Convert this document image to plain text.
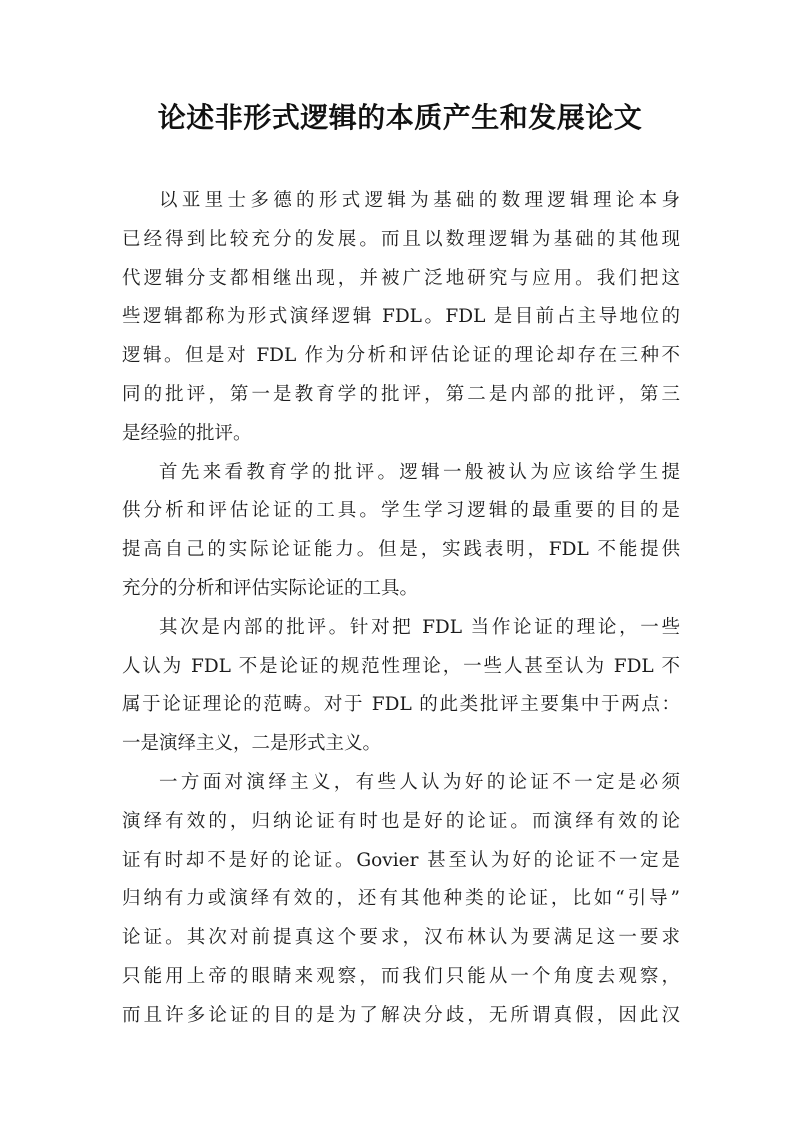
论述非形式逻辑的本质产生和发展论文
以亚里士多德的形式逻辑为基础的数理逻辑理论本身
已经得到比较充分的发展。而且以数理逻辑为基础的其他现
代逻辑分支都相继出现，并被广泛地研究与应用。我们把这
些逻辑都称为形式演绎逻辑 FDL。FDL 是目前占主导地位的
逻辑。但是对 FDL 作为分析和评估论证的理论却存在三种不
同的批评，第一是教育学的批评，第二是内部的批评，第三
是经验的批评。
首先来看教育学的批评。逻辑一般被认为应该给学生提
供分析和评估论证的工具。学生学习逻辑的最重要的目的是
提高自己的实际论证能力。但是，实践表明，FDL 不能提供
充分的分析和评估实际论证的工具。
其次是内部的批评。针对把 FDL 当作论证的理论，一些
人认为 FDL 不是论证的规范性理论，一些人甚至认为 FDL 不
属于论证理论的范畴。对于 FDL 的此类批评主要集中于两点：
一是演绎主义，二是形式主义。
一方面对演绎主义，有些人认为好的论证不一定是必须
演绎有效的，归纳论证有时也是好的论证。而演绎有效的论
证有时却不是好的论证。Govier 甚至认为好的论证不一定是
归纳有力或演绎有效的，还有其他种类的论证，比如“引导”
论证。其次对前提真这个要求，汉布林认为要满足这一要求
只能用上帝的眼睛来观察，而我们只能从一个角度去观察，
而且许多论证的目的是为了解决分歧，无所谓真假，因此汉
